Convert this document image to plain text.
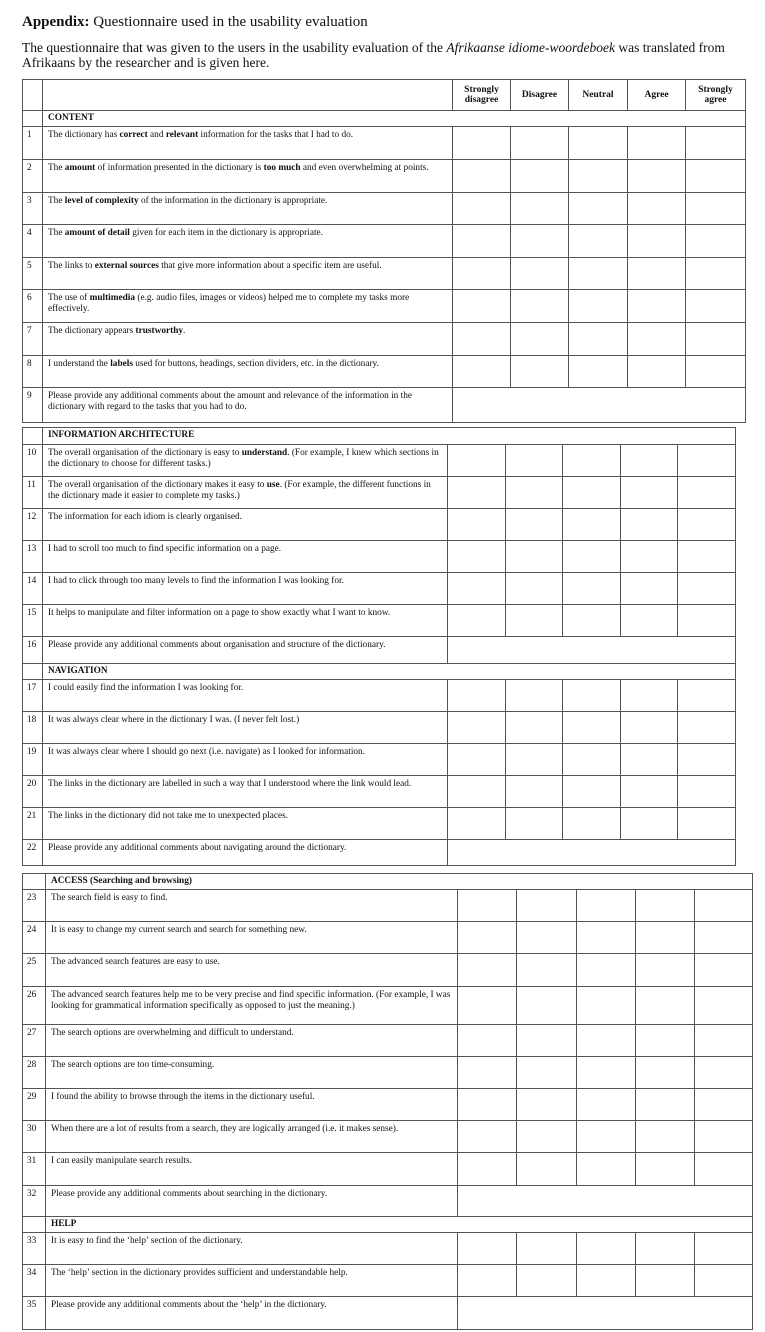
Appendix: Questionnaire used in the usability evaluation
The questionnaire that was given to the users in the usability evaluation of the Afrikaanse idiome-woordeboek was translated from Afrikaans by the researcher and is given here.
		Strongly disagree	Disagree	Neutral	Agree	Strongly agree
	CONTENT					
1	The dictionary has correct and relevant information for the tasks that I had to do.					
2	The amount of information presented in the dictionary is too much and even overwhelming at points.					
3	The level of complexity of the information in the dictionary is appropriate.					
4	The amount of detail given for each item in the dictionary is appropriate.					
5	The links to external sources that give more information about a specific item are useful.					
6	The use of multimedia (e.g. audio files, images or videos) helped me to complete my tasks more effectively.					
7	The dictionary appears trustworthy.					
8	I understand the labels used for buttons, headings, section dividers, etc. in the dictionary.					
9	Please provide any additional comments about the amount and relevance of the information in the dictionary with regard to the tasks that you had to do.					
	INFORMATION ARCHITECTURE					
10	The overall organisation of the dictionary is easy to understand. (For example, I knew which sections in the dictionary to choose for different tasks.)					
11	The overall organisation of the dictionary makes it easy to use. (For example, the different functions in the dictionary made it easier to complete my tasks.)					
12	The information for each idiom is clearly organised.					
13	I had to scroll too much to find specific information on a page.					
14	I had to click through too many levels to find the information I was looking for.					
15	It helps to manipulate and filter information on a page to show exactly what I want to know.					
16	Please provide any additional comments about organisation and structure of the dictionary.					
	NAVIGATION					
17	I could easily find the information I was looking for.					
18	It was always clear where in the dictionary I was. (I never felt lost.)					
19	It was always clear where I should go next (i.e. navigate) as I looked for information.					
20	The links in the dictionary are labelled in such a way that I understood where the link would lead.					
21	The links in the dictionary did not take me to unexpected places.					
22	Please provide any additional comments about navigating around the dictionary.					
	ACCESS (Searching and browsing)					
23	The search field is easy to find.					
24	It is easy to change my current search and search for something new.					
25	The advanced search features are easy to use.					
26	The advanced search features help me to be very precise and find specific information. (For example, I was looking for grammatical information specifically as opposed to just the meaning.)					
27	The search options are overwhelming and difficult to understand.					
28	The search options are too time-consuming.					
29	I found the ability to browse through the items in the dictionary useful.					
30	When there are a lot of results from a search, they are logically arranged (i.e. it makes sense).					
31	I can easily manipulate search results.					
32	Please provide any additional comments about searching in the dictionary.					
	HELP					
33	It is easy to find the ‘help’ section of the dictionary.					
34	The ‘help’ section in the dictionary provides sufficient and understandable help.					
35	Please provide any additional comments about the ‘help’ in the dictionary.					
